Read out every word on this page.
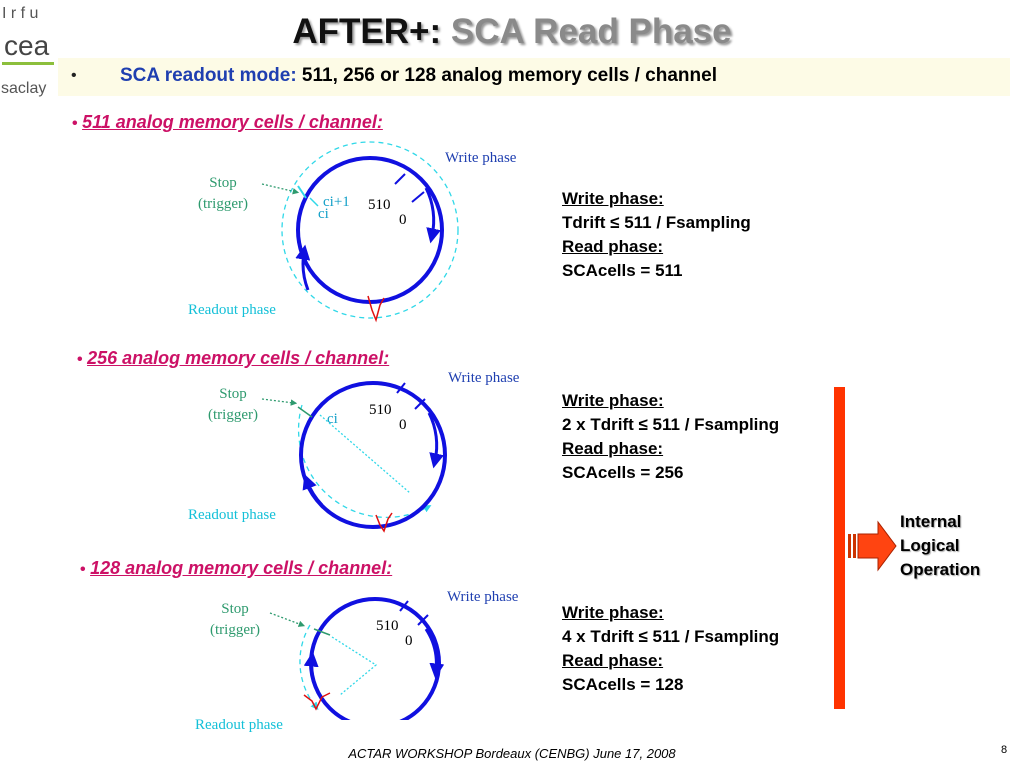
I r f u
cea
saclay
AFTER+: SCA Read Phase
• SCA readout mode: 511, 256 or 128 analog memory cells / channel
• 511 analog memory cells / channel:
Stop
(trigger)
Write phase
Readout phase
510
0
ci+1
ci
Write phase:
Tdrift ≤ 511 / Fsampling
Read phase:
SCAcells = 511
• 256 analog memory cells / channel:
Stop
(trigger)
Write phase
Readout phase
510
0
ci
Write phase:
2 x Tdrift ≤ 511 / Fsampling
Read phase:
SCAcells = 256
• 128 analog memory cells / channel:
Stop
(trigger)
Write phase
Readout phase
510
0
Write phase:
4 x Tdrift ≤ 511 / Fsampling
Read phase:
SCAcells = 128
Internal
Logical
Operation
ACTAR WORKSHOP Bordeaux (CENBG) June 17, 2008	8
